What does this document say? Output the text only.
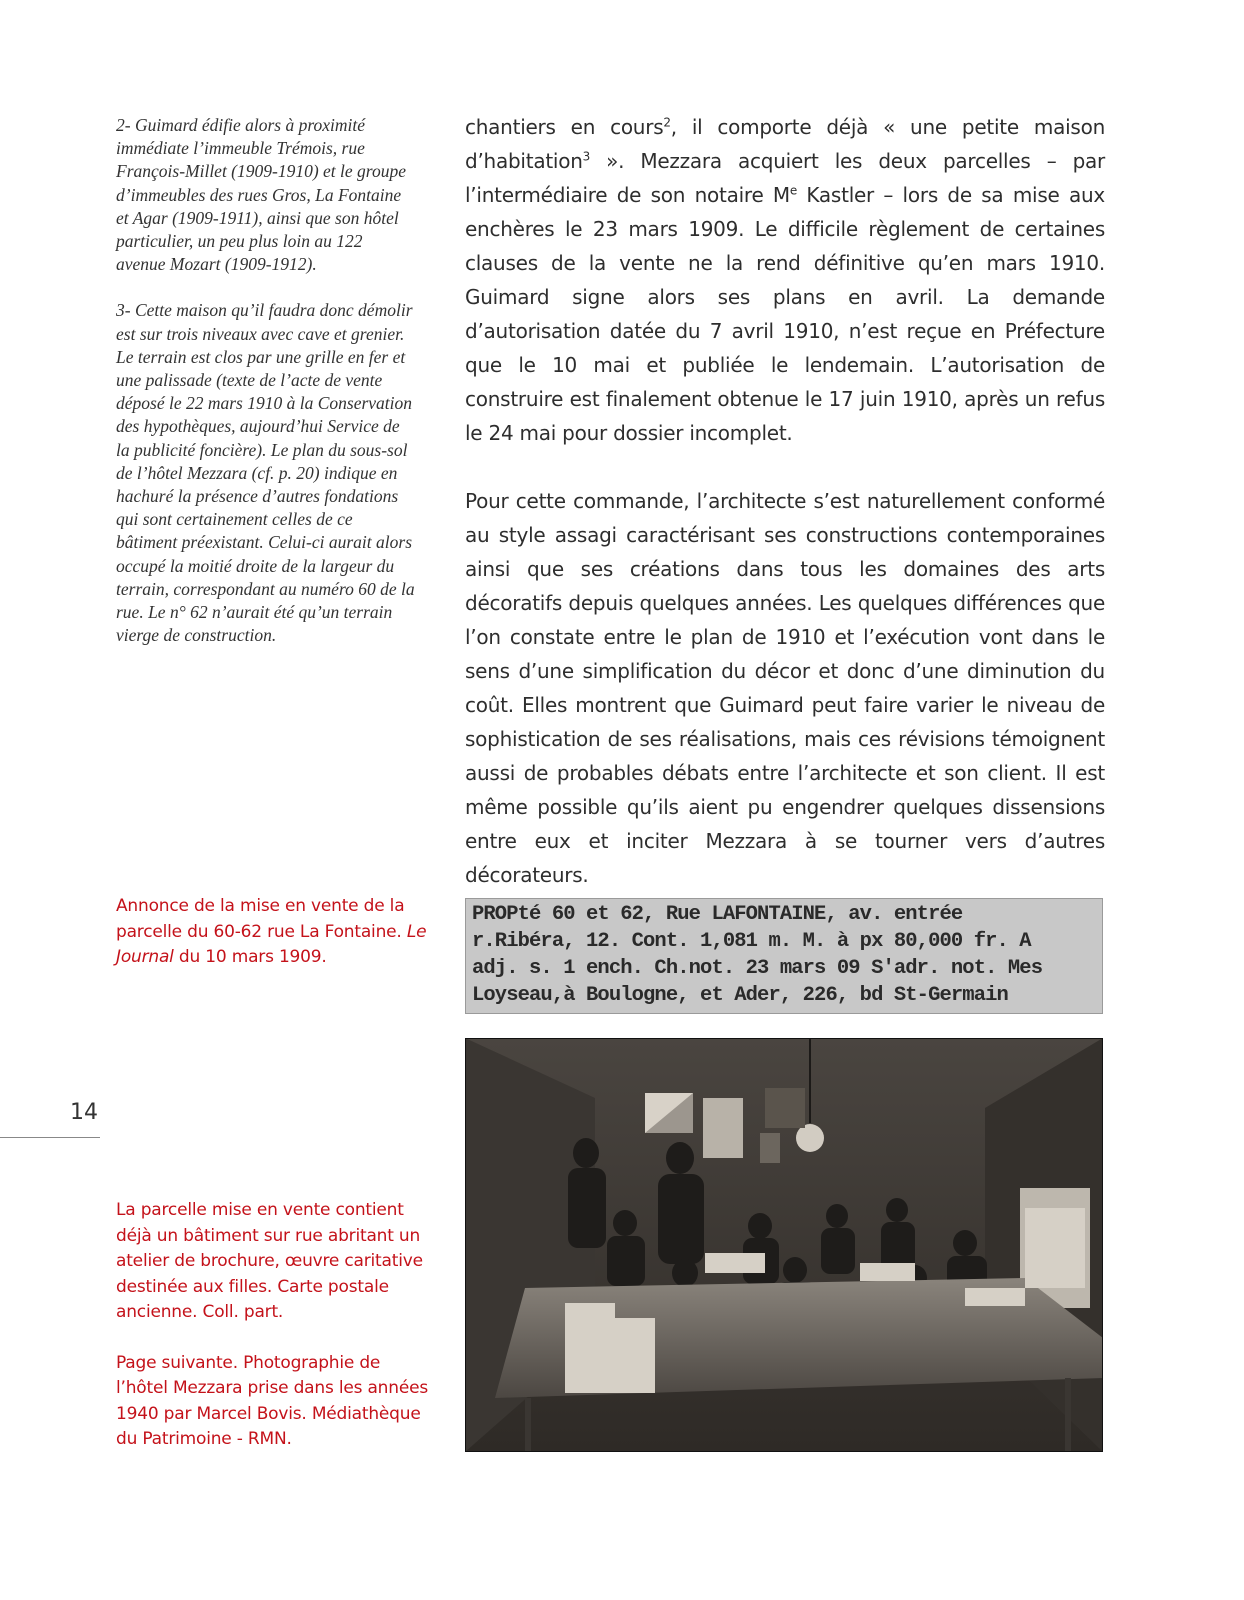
2- Guimard édifie alors à proximité immédiate l’immeuble Trémois, rue François-Millet (1909-1910) et le groupe d’immeubles des rues Gros, La Fontaine et Agar (1909-1911), ainsi que son hôtel particulier, un peu plus loin au 122 avenue Mozart (1909-1912).

3- Cette maison qu’il faudra donc démolir est sur trois niveaux avec cave et grenier. Le terrain est clos par une grille en fer et une palissade (texte de l’acte de vente déposé le 22 mars 1910 à la Conservation des hypothèques, aujourd’hui Service de la publicité foncière). Le plan du sous-sol de l’hôtel Mezzara (cf. p. 20) indique en hachuré la présence d’autres fondations qui sont certainement celles de ce bâtiment préexistant. Celui-ci aurait alors occupé la moitié droite de la largeur du terrain, correspondant au numéro 60 de la rue. Le n° 62 n’aurait été qu’un terrain vierge de construction.

chantiers en cours$^2$, il comporte déjà « une petite maison d’habitation$^3$ ». Mezzara acquiert les deux parcelles – par l’intermédiaire de son notaire Me Kastler – lors de sa mise aux enchères le 23 mars 1909. Le difficile règlement de certaines clauses de la vente ne la rend définitive qu’en mars 1910. Guimard signe alors ses plans en avril. La demande d’autorisation datée du 7 avril 1910, n’est reçue en Préfecture que le 10 mai et publiée le lendemain. L’autorisation de construire est finalement obtenue le 17 juin 1910, après un refus le 24 mai pour dossier incomplet.

Pour cette commande, l’architecte s’est naturellement conformé au style assagi caractérisant ses constructions contemporaines ainsi que ses créations dans tous les domaines des arts décoratifs depuis quelques années. Les quelques différences que l’on constate entre le plan de 1910 et l’exécution vont dans le sens d’une simplification du décor et donc d’une diminution du coût. Elles montrent que Guimard peut faire varier le niveau de sophistication de ses réalisations, mais ces révisions témoignent aussi de probables débats entre l’architecte et son client. Il est même possible qu’ils aient pu engendrer quelques dissensions entre eux et inciter Mezzara à se tourner vers d’autres décorateurs.

Annonce de la mise en vente de la parcelle du 60-62 rue La Fontaine. Le Journal du 10 mars 1909.

14

La parcelle mise en vente contient déjà un bâtiment sur rue abritant un atelier de brochure, œuvre caritative destinée aux filles. Carte postale ancienne. Coll. part.

Page suivante. Photographie de l’hôtel Mezzara prise dans les années 1940 par Marcel Bovis. Médiathèque du Patrimoine - RMN.

PROPté 60 et 62, Rue LAFONTAINE, av. entrée
r.Ribéra, 12. Cont. 1,081 m. M. à px 80,000 fr. A
adj. s. 1 ench. Ch.not. 23 mars 09 S'adr. not. Mes
Loyseau,à Boulogne, et Ader, 226, bd St-Germain
